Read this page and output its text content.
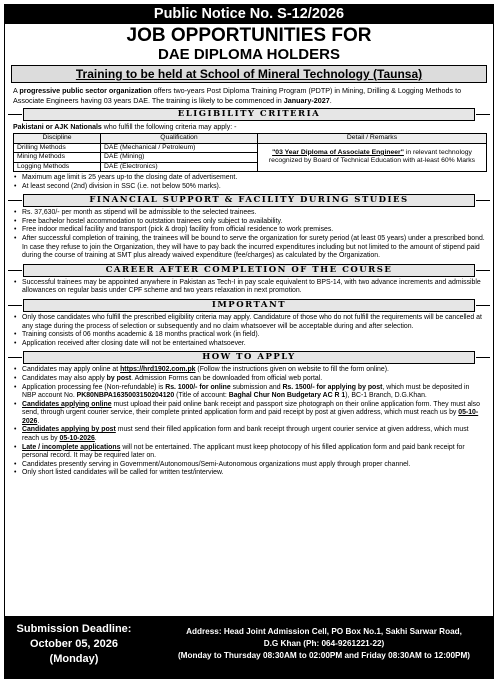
Public Notice No. S-12/2026
JOB OPPORTUNITIES FOR
DAE DIPLOMA HOLDERS
Training to be held at School of Mineral Technology (Taunsa)
A progressive public sector organization offers two-years Post Diploma Training Program (PDTP) in Mining, Drilling & Logging Methods to Associate Engineers having 03 years DAE. The training is likely to be commenced in January-2027.
ELIGIBILITY CRITERIA
Pakistani or AJK Nationals who fulfill the following criteria may apply: -
Discipline	Qualification	Detail / Remarks
Drilling Methods	DAE (Mechanical / Petroleum)	"03 Year Diploma of Associate Engineer" in relevant technology recognized by Board of Technical Education with at-least 60% Marks
Mining Methods	DAE (Mining)	
Logging Methods	DAE (Electronics)	
• Maximum age limit is 25 years up-to the closing date of advertisement.
• At least second (2nd) division in SSC (i.e. not below 50% marks).
FINANCIAL SUPPORT & FACILITY DURING STUDIES
• Rs. 37,630/- per month as stipend will be admissible to the selected trainees.
• Free bachelor hostel accommodation to outstation trainees only subject to availability.
• Free indoor medical facility and transport (pick & drop) facility from official residence to work premises.
• After successful completion of training, the trainees will be bound to serve the organization for surety period (at least 05 years) under a prescribed bond. In case they refuse to join the Organization, they will have to pay back the incurred expenditures including but not limited to the amount of stipend paid during the course of training at SMT plus already waived expenditure (fee/charges) as calculated by the Organization.
CAREER AFTER COMPLETION OF THE COURSE
• Successful trainees may be appointed anywhere in Pakistan as Tech-I in pay scale equivalent to BPS-14, with two advance increments and admissible allowances on regular basis under CPF scheme and two years relaxation in next promotion.
IMPORTANT
• Only those candidates who fulfill the prescribed eligibility criteria may apply. Candidature of those who do not fulfill the requirements will be cancelled at any stage during the process of selection or subsequently and no claim whatsoever will be acceptable during and after selection.
• Training consists of 06 months academic & 18 months practical work (in field).
• Application received after closing date will not be entertained whatsoever.
HOW TO APPLY
• Candidates may apply online at https://hrd1902.com.pk (Follow the instructions given on website to fill the form online).
• Candidates may also apply by post. Admission Forms can be downloaded from official web portal.
• Application processing fee (Non-refundable) is Rs. 1000/- for online submission and Rs. 1500/- for applying by post, which must be deposited in NBP account No. PK80NBPA1635003150204120 (Title of account: Baghal Chur Non Budgetary AC R 1), BC-1 Branch, D.G.Khan.
• Candidates applying online must upload their paid online bank receipt and passport size photograph on their online application form. They must also send, through urgent courier service, their complete printed application form and paid receipt by post at given address, which must reach us by 05-10-2026.
• Candidates applying by post must send their filled application form and bank receipt through urgent courier service at given address, which must reach us by 05-10-2026.
• Late / incomplete applications will not be entertained. The applicant must keep photocopy of his filled application form and paid bank receipt for personal record. It may be required later on.
• Candidates presently serving in Government/Autonomous/Semi-Autonomous organizations must apply through proper channel.
• Only short listed candidates will be called for written test/interview.
Submission Deadline:
October 05, 2026
(Monday)
Address: Head Joint Admission Cell, PO Box No.1, Sakhi Sarwar Road,
D.G Khan (Ph: 064-9261221-22)
(Monday to Thursday 08:30AM to 02:00PM and Friday 08:30AM to 12:00PM)
